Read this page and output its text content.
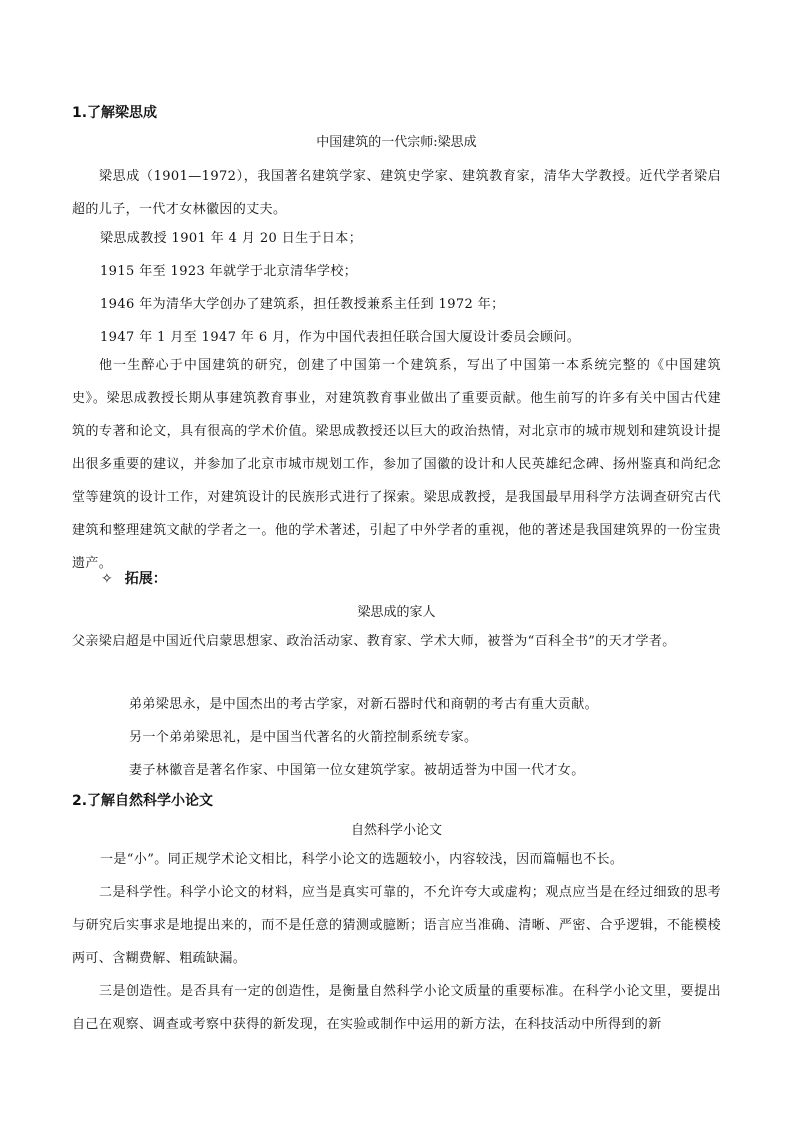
1.了解梁思成
中国建筑的一代宗师:梁思成
梁思成（1901—1972），我国著名建筑学家、建筑史学家、建筑教育家，清华大学教授。近代学者梁启超的儿子，一代才女林徽因的丈夫。
梁思成教授 1901 年 4 月 20 日生于日本；
1915 年至 1923 年就学于北京清华学校；
1946 年为清华大学创办了建筑系，担任教授兼系主任到 1972 年；
1947 年 1 月至 1947 年 6 月，作为中国代表担任联合国大厦设计委员会顾问。
他一生醉心于中国建筑的研究，创建了中国第一个建筑系，写出了中国第一本系统完整的《中国建筑史》。梁思成教授长期从事建筑教育事业，对建筑教育事业做出了重要贡献。他生前写的许多有关中国古代建筑的专著和论文，具有很高的学术价值。梁思成教授还以巨大的政治热情，对北京市的城市规划和建筑设计提出很多重要的建议，并参加了北京市城市规划工作，参加了国徽的设计和人民英雄纪念碑、扬州鉴真和尚纪念堂等建筑的设计工作，对建筑设计的民族形式进行了探索。梁思成教授，是我国最早用科学方法调查研究古代建筑和整理建筑文献的学者之一。他的学术著述，引起了中外学者的重视，他的著述是我国建筑界的一份宝贵遗产。
✧ 拓展：
梁思成的家人
父亲梁启超是中国近代启蒙思想家、政治活动家、教育家、学术大师，被誉为“百科全书”的天才学者。
弟弟梁思永，是中国杰出的考古学家，对新石器时代和商朝的考古有重大贡献。
另一个弟弟梁思礼，是中国当代著名的火箭控制系统专家。
妻子林徽音是著名作家、中国第一位女建筑学家。被胡适誉为中国一代才女。
2.了解自然科学小论文
自然科学小论文
一是“小”。同正规学术论文相比，科学小论文的选题较小，内容较浅，因而篇幅也不长。
二是科学性。科学小论文的材料，应当是真实可靠的，不允许夸大或虚构；观点应当是在经过细致的思考与研究后实事求是地提出来的，而不是任意的猜测或臆断；语言应当准确、清晰、严密、合乎逻辑，不能模棱两可、含糊费解、粗疏缺漏。
三是创造性。是否具有一定的创造性，是衡量自然科学小论文质量的重要标准。在科学小论文里，要提出自己在观察、调查或考察中获得的新发现，在实验或制作中运用的新方法，在科技活动中所得到的新
